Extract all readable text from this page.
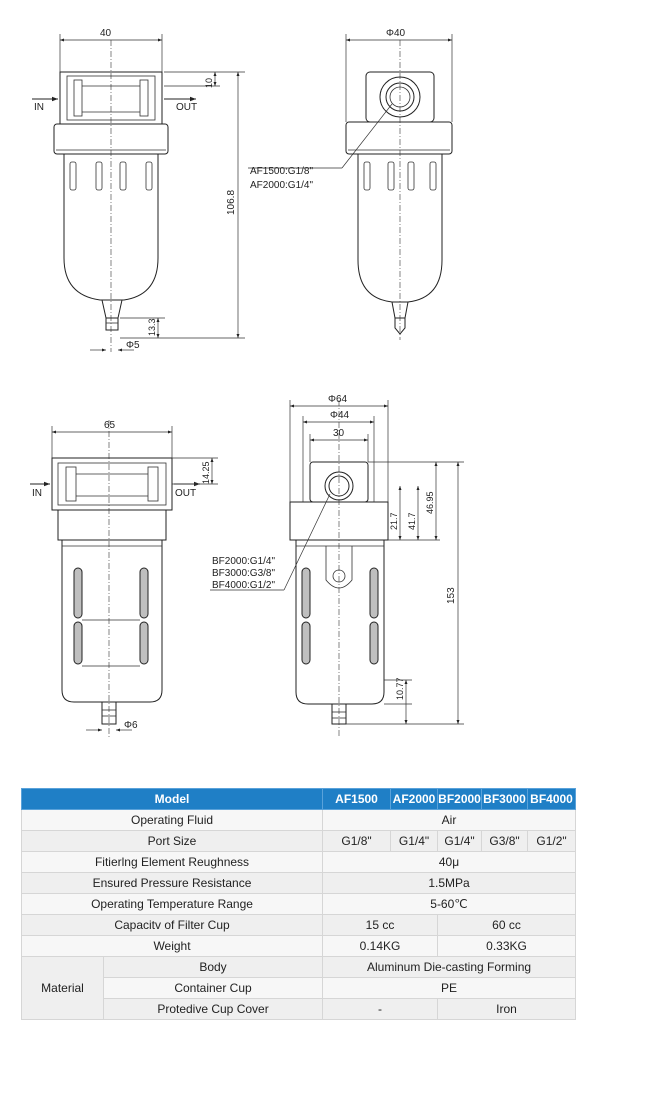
IN	OUT
40
10
106.8
13.3
Φ5
Φ40
AF1500:G1/8"
AF2000:G1/4"
IN	OUT
65
14.25
Φ6
Φ64
Φ44
30
21.7 41.7
46.95
153
10.77
BF2000:G1/4"
BF3000:G3/8"
BF4000:G1/2"
Model		AF1500	AF2000	BF2000	BF3000	BF4000
Operating Fluid		Air				
Port Size		G1/8"	G1/4"	G1/4"	G3/8"	G1/2"
Fitierlng Element Reughness		40μ				
Ensured Pressure Resistance		1.5MPa				
Operating Temperature Range		5-60℃				
Capacitv of Filter Cup		15 cc		60 cc		
Weight		0.14KG		0.33KG		
Material	Body	Aluminum Die-casting Forming				
	Container Cup	PE				
	Protedive Cup Cover	-		Iron		
